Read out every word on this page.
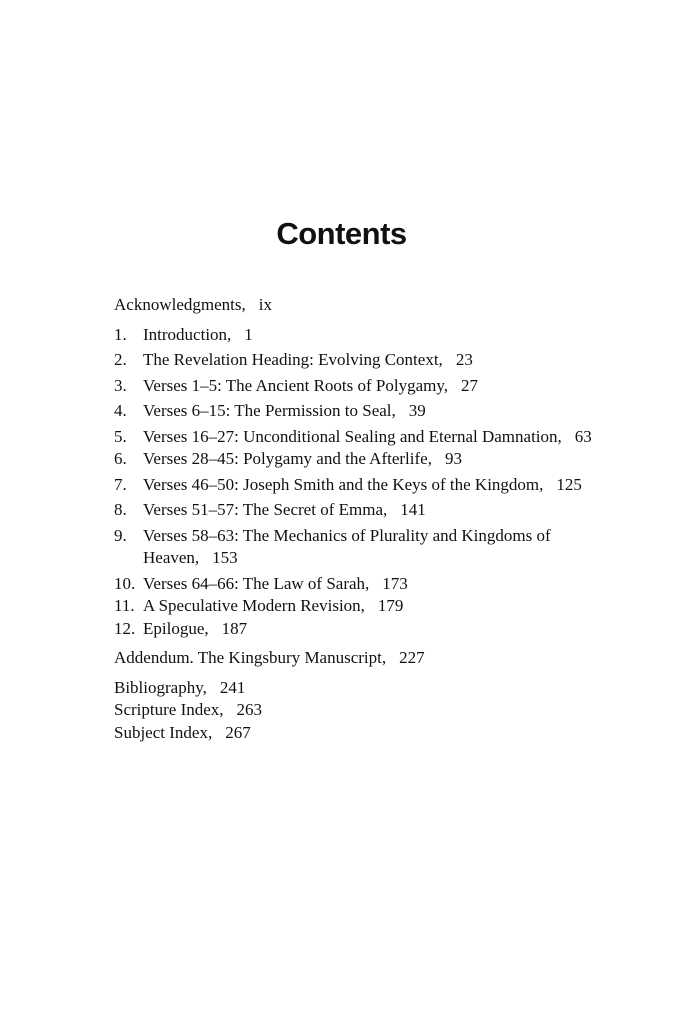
Contents
Acknowledgments, ix
1. Introduction, 1
2. The Revelation Heading: Evolving Context, 23
3. Verses 1–5: The Ancient Roots of Polygamy, 27
4. Verses 6–15: The Permission to Seal, 39
5. Verses 16–27: Unconditional Sealing and Eternal Damnation, 63
6. Verses 28–45: Polygamy and the Afterlife, 93
7. Verses 46–50: Joseph Smith and the Keys of the Kingdom, 125
8. Verses 51–57: The Secret of Emma, 141
9. Verses 58–63: The Mechanics of Plurality and Kingdoms of Heaven, 153
10. Verses 64–66: The Law of Sarah, 173
11. A Speculative Modern Revision, 179
12. Epilogue, 187
Addendum. The Kingsbury Manuscript, 227
Bibliography, 241
Scripture Index, 263
Subject Index, 267
